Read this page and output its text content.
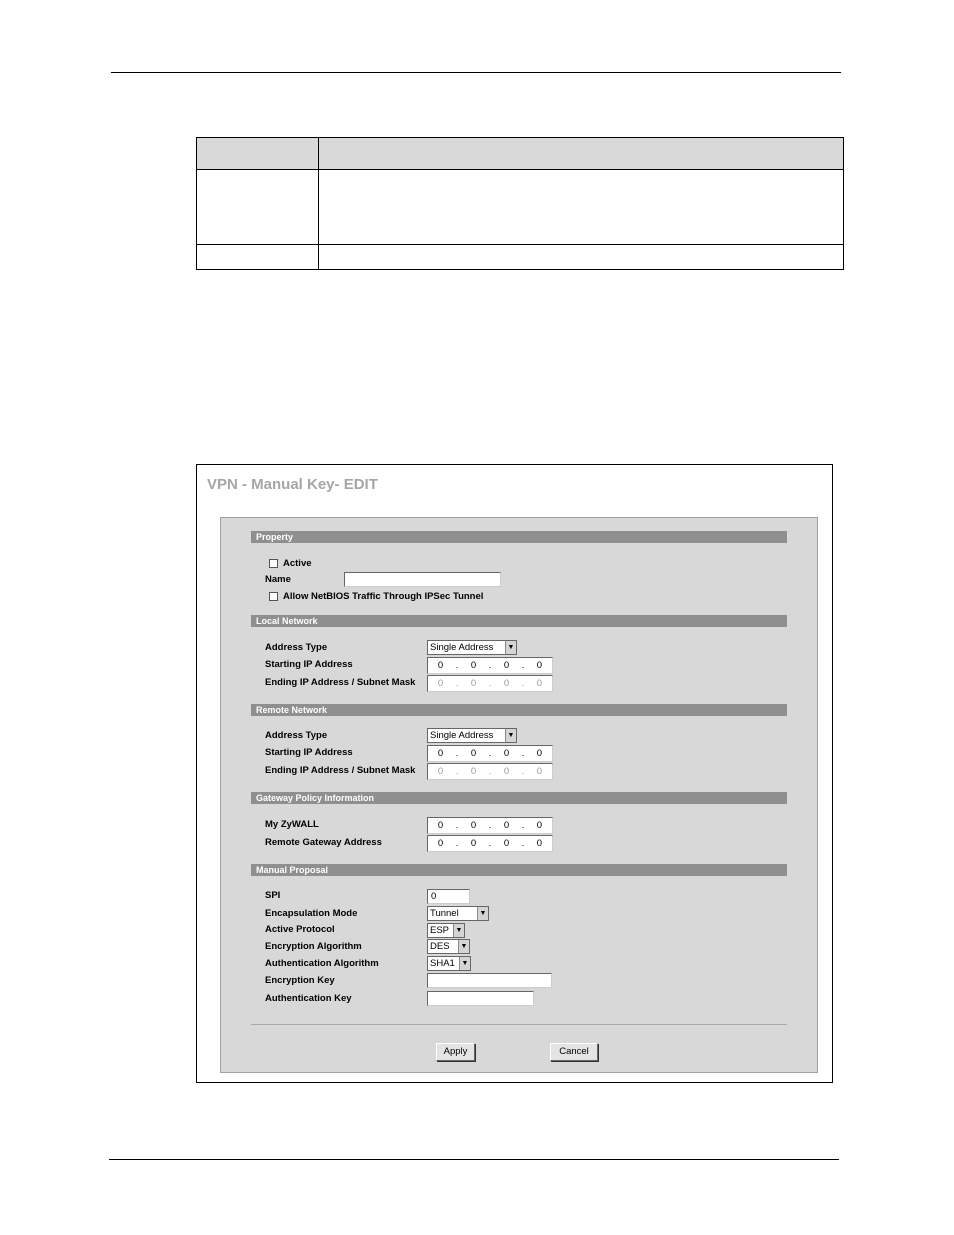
VPN - Manual Key- EDIT
Property
Active
Name
Allow NetBIOS Traffic Through IPSec Tunnel
Local Network
Address Type	Single Address	▼
Starting IP Address	0 . 0 . 0 . 0
Ending IP Address / Subnet Mask 0 . 0 . 0 . 0
Remote Network
Address Type	Single Address	▼
Starting IP Address	0 . 0 . 0 . 0
Ending IP Address / Subnet Mask 0 . 0 . 0 . 0
Gateway Policy Information
My ZyWALL	0 . 0 . 0 . 0
Remote Gateway Address	0 . 0 . 0 . 0
Manual Proposal
SPI	0
Encapsulation Mode	Tunnel	▼
Active Protocol	ESP ▼
Encryption Algorithm	DES	▼
Authentication Algorithm	SHA1 ▼
Encryption Key
Authentication Key
Apply	Cancel
